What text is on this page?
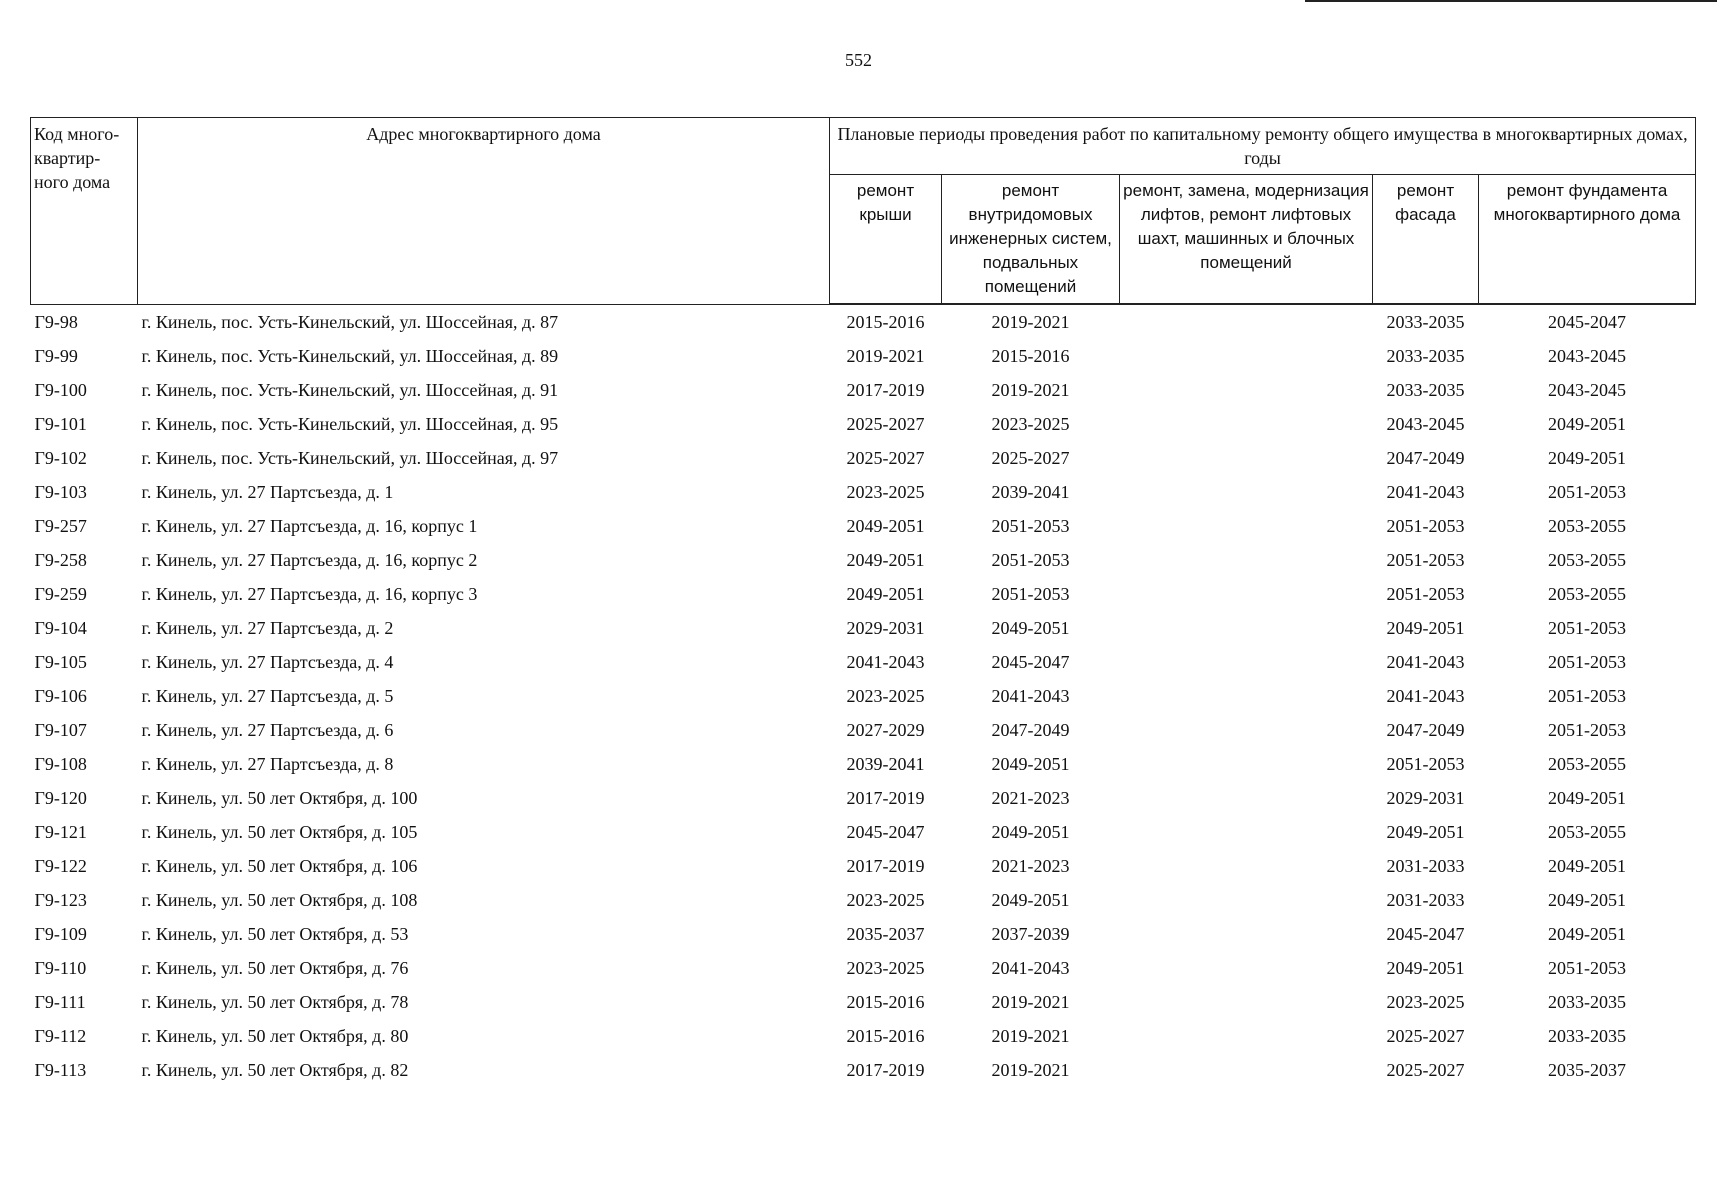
552
Код много-квартир-ного дома	Адрес многоквартирного дома	Плановые периоды проведения работ по капитальному ремонту общего имущества в многоквартирных домах, годы				
		ремонт крыши	ремонт внутридомовых инженерных систем, подвальных помещений	ремонт, замена, модернизация лифтов, ремонт лифтовых шахт, машинных и блочных помещений	ремонт фасада	ремонт фундамента многоквартирного дома
Г9-98	г. Кинель, пос. Усть-Кинельский, ул. Шоссейная, д. 87	2015-2016	2019-2021		2033-2035	2045-2047
Г9-99	г. Кинель, пос. Усть-Кинельский, ул. Шоссейная, д. 89	2019-2021	2015-2016		2033-2035	2043-2045
Г9-100	г. Кинель, пос. Усть-Кинельский, ул. Шоссейная, д. 91	2017-2019	2019-2021		2033-2035	2043-2045
Г9-101	г. Кинель, пос. Усть-Кинельский, ул. Шоссейная, д. 95	2025-2027	2023-2025		2043-2045	2049-2051
Г9-102	г. Кинель, пос. Усть-Кинельский, ул. Шоссейная, д. 97	2025-2027	2025-2027		2047-2049	2049-2051
Г9-103	г. Кинель, ул. 27 Партсъезда, д. 1	2023-2025	2039-2041		2041-2043	2051-2053
Г9-257	г. Кинель, ул. 27 Партсъезда, д. 16, корпус 1	2049-2051	2051-2053		2051-2053	2053-2055
Г9-258	г. Кинель, ул. 27 Партсъезда, д. 16, корпус 2	2049-2051	2051-2053		2051-2053	2053-2055
Г9-259	г. Кинель, ул. 27 Партсъезда, д. 16, корпус 3	2049-2051	2051-2053		2051-2053	2053-2055
Г9-104	г. Кинель, ул. 27 Партсъезда, д. 2	2029-2031	2049-2051		2049-2051	2051-2053
Г9-105	г. Кинель, ул. 27 Партсъезда, д. 4	2041-2043	2045-2047		2041-2043	2051-2053
Г9-106	г. Кинель, ул. 27 Партсъезда, д. 5	2023-2025	2041-2043		2041-2043	2051-2053
Г9-107	г. Кинель, ул. 27 Партсъезда, д. 6	2027-2029	2047-2049		2047-2049	2051-2053
Г9-108	г. Кинель, ул. 27 Партсъезда, д. 8	2039-2041	2049-2051		2051-2053	2053-2055
Г9-120	г. Кинель, ул. 50 лет Октября, д. 100	2017-2019	2021-2023		2029-2031	2049-2051
Г9-121	г. Кинель, ул. 50 лет Октября, д. 105	2045-2047	2049-2051		2049-2051	2053-2055
Г9-122	г. Кинель, ул. 50 лет Октября, д. 106	2017-2019	2021-2023		2031-2033	2049-2051
Г9-123	г. Кинель, ул. 50 лет Октября, д. 108	2023-2025	2049-2051		2031-2033	2049-2051
Г9-109	г. Кинель, ул. 50 лет Октября, д. 53	2035-2037	2037-2039		2045-2047	2049-2051
Г9-110	г. Кинель, ул. 50 лет Октября, д. 76	2023-2025	2041-2043		2049-2051	2051-2053
Г9-111	г. Кинель, ул. 50 лет Октября, д. 78	2015-2016	2019-2021		2023-2025	2033-2035
Г9-112	г. Кинель, ул. 50 лет Октября, д. 80	2015-2016	2019-2021		2025-2027	2033-2035
Г9-113	г. Кинель, ул. 50 лет Октября, д. 82	2017-2019	2019-2021		2025-2027	2035-2037
